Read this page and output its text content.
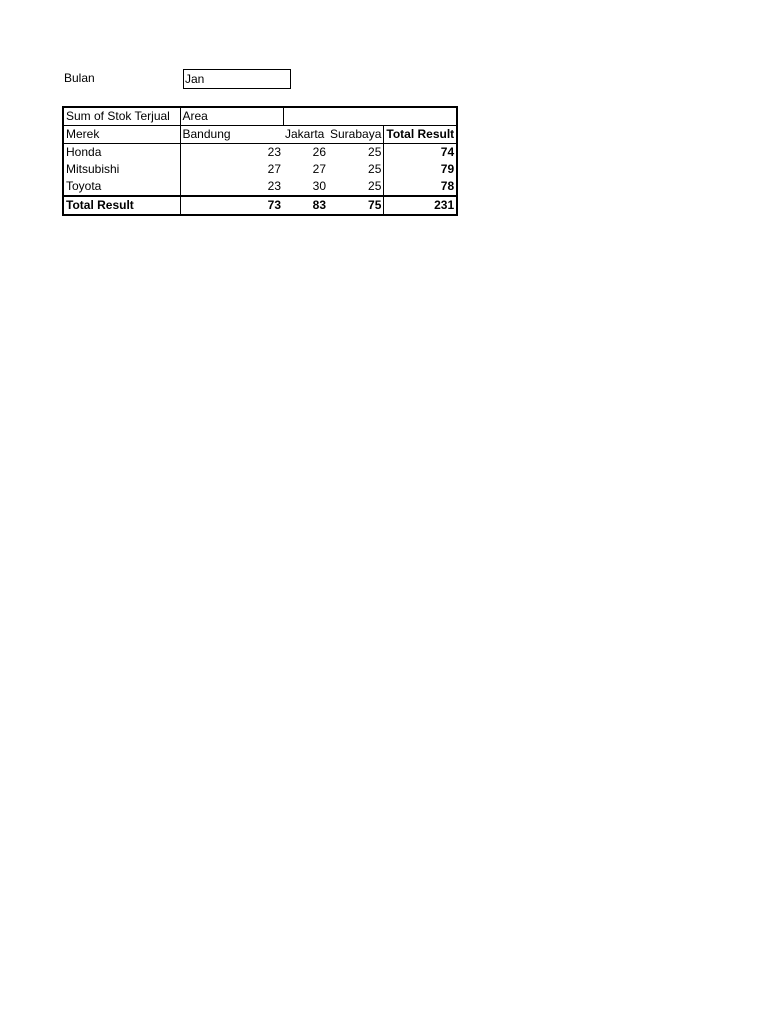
Bulan	Jan
Sum of Stok Terjual	Area			
Merek	Bandung	Jakarta	Surabaya	Total Result
Honda	23	26	25	74
Mitsubishi	27	27	25	79
Toyota	23	30	25	78
Total Result	73	83	75	231
